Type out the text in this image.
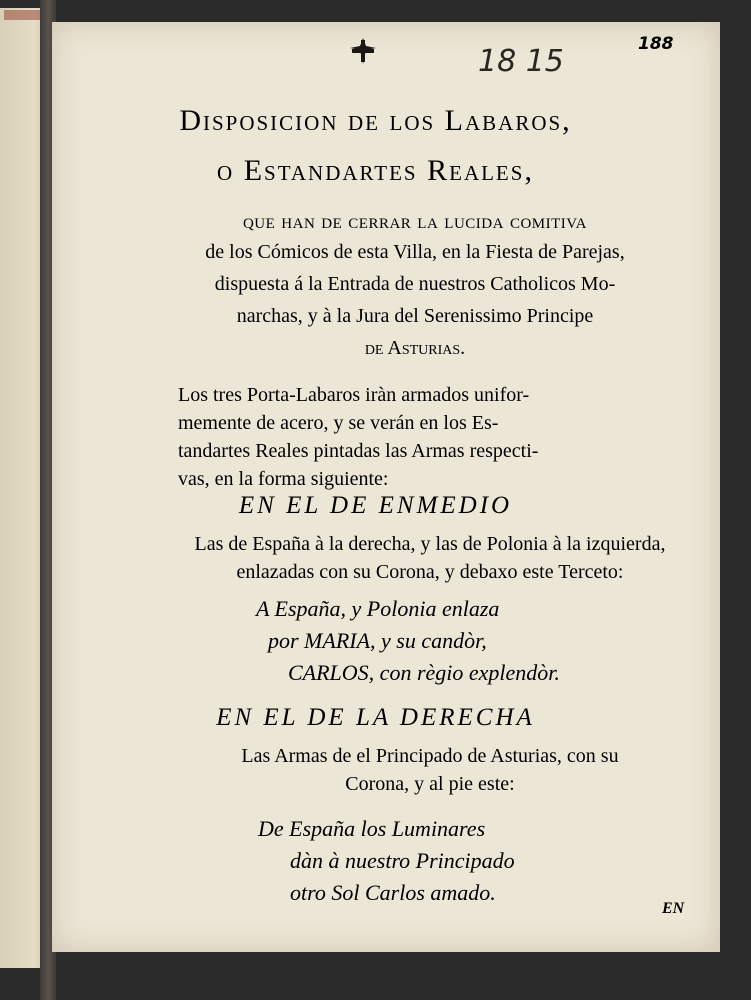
18 15	188
Disposicion de los Labaros,
o Estandartes Reales,
que han de cerrar la lucida comitiva
de los Cómicos de esta Villa, en la Fiesta de Parejas,
dispuesta á la Entrada de nuestros Catholicos Mo-
narchas, y à la Jura del Serenissimo Principe
de Asturias.
Los tres Porta-Labaros iràn armados unifor-
memente de acero, y se verán en los Es-
tandartes Reales pintadas las Armas respecti-
vas, en la forma siguiente:
EN EL DE ENMEDIO
Las de España à la derecha, y las de Polonia à la izquierda,
enlazadas con su Corona, y debaxo este Terceto:
A España, y Polonia enlaza
por MARIA, y su candòr,
CARLOS, con règio explendòr.
EN EL DE LA DERECHA
Las Armas de el Principado de Asturias, con su
Corona, y al pie este:
De España los Luminares
dàn à nuestro Principado
otro Sol Carlos amado.
EN
